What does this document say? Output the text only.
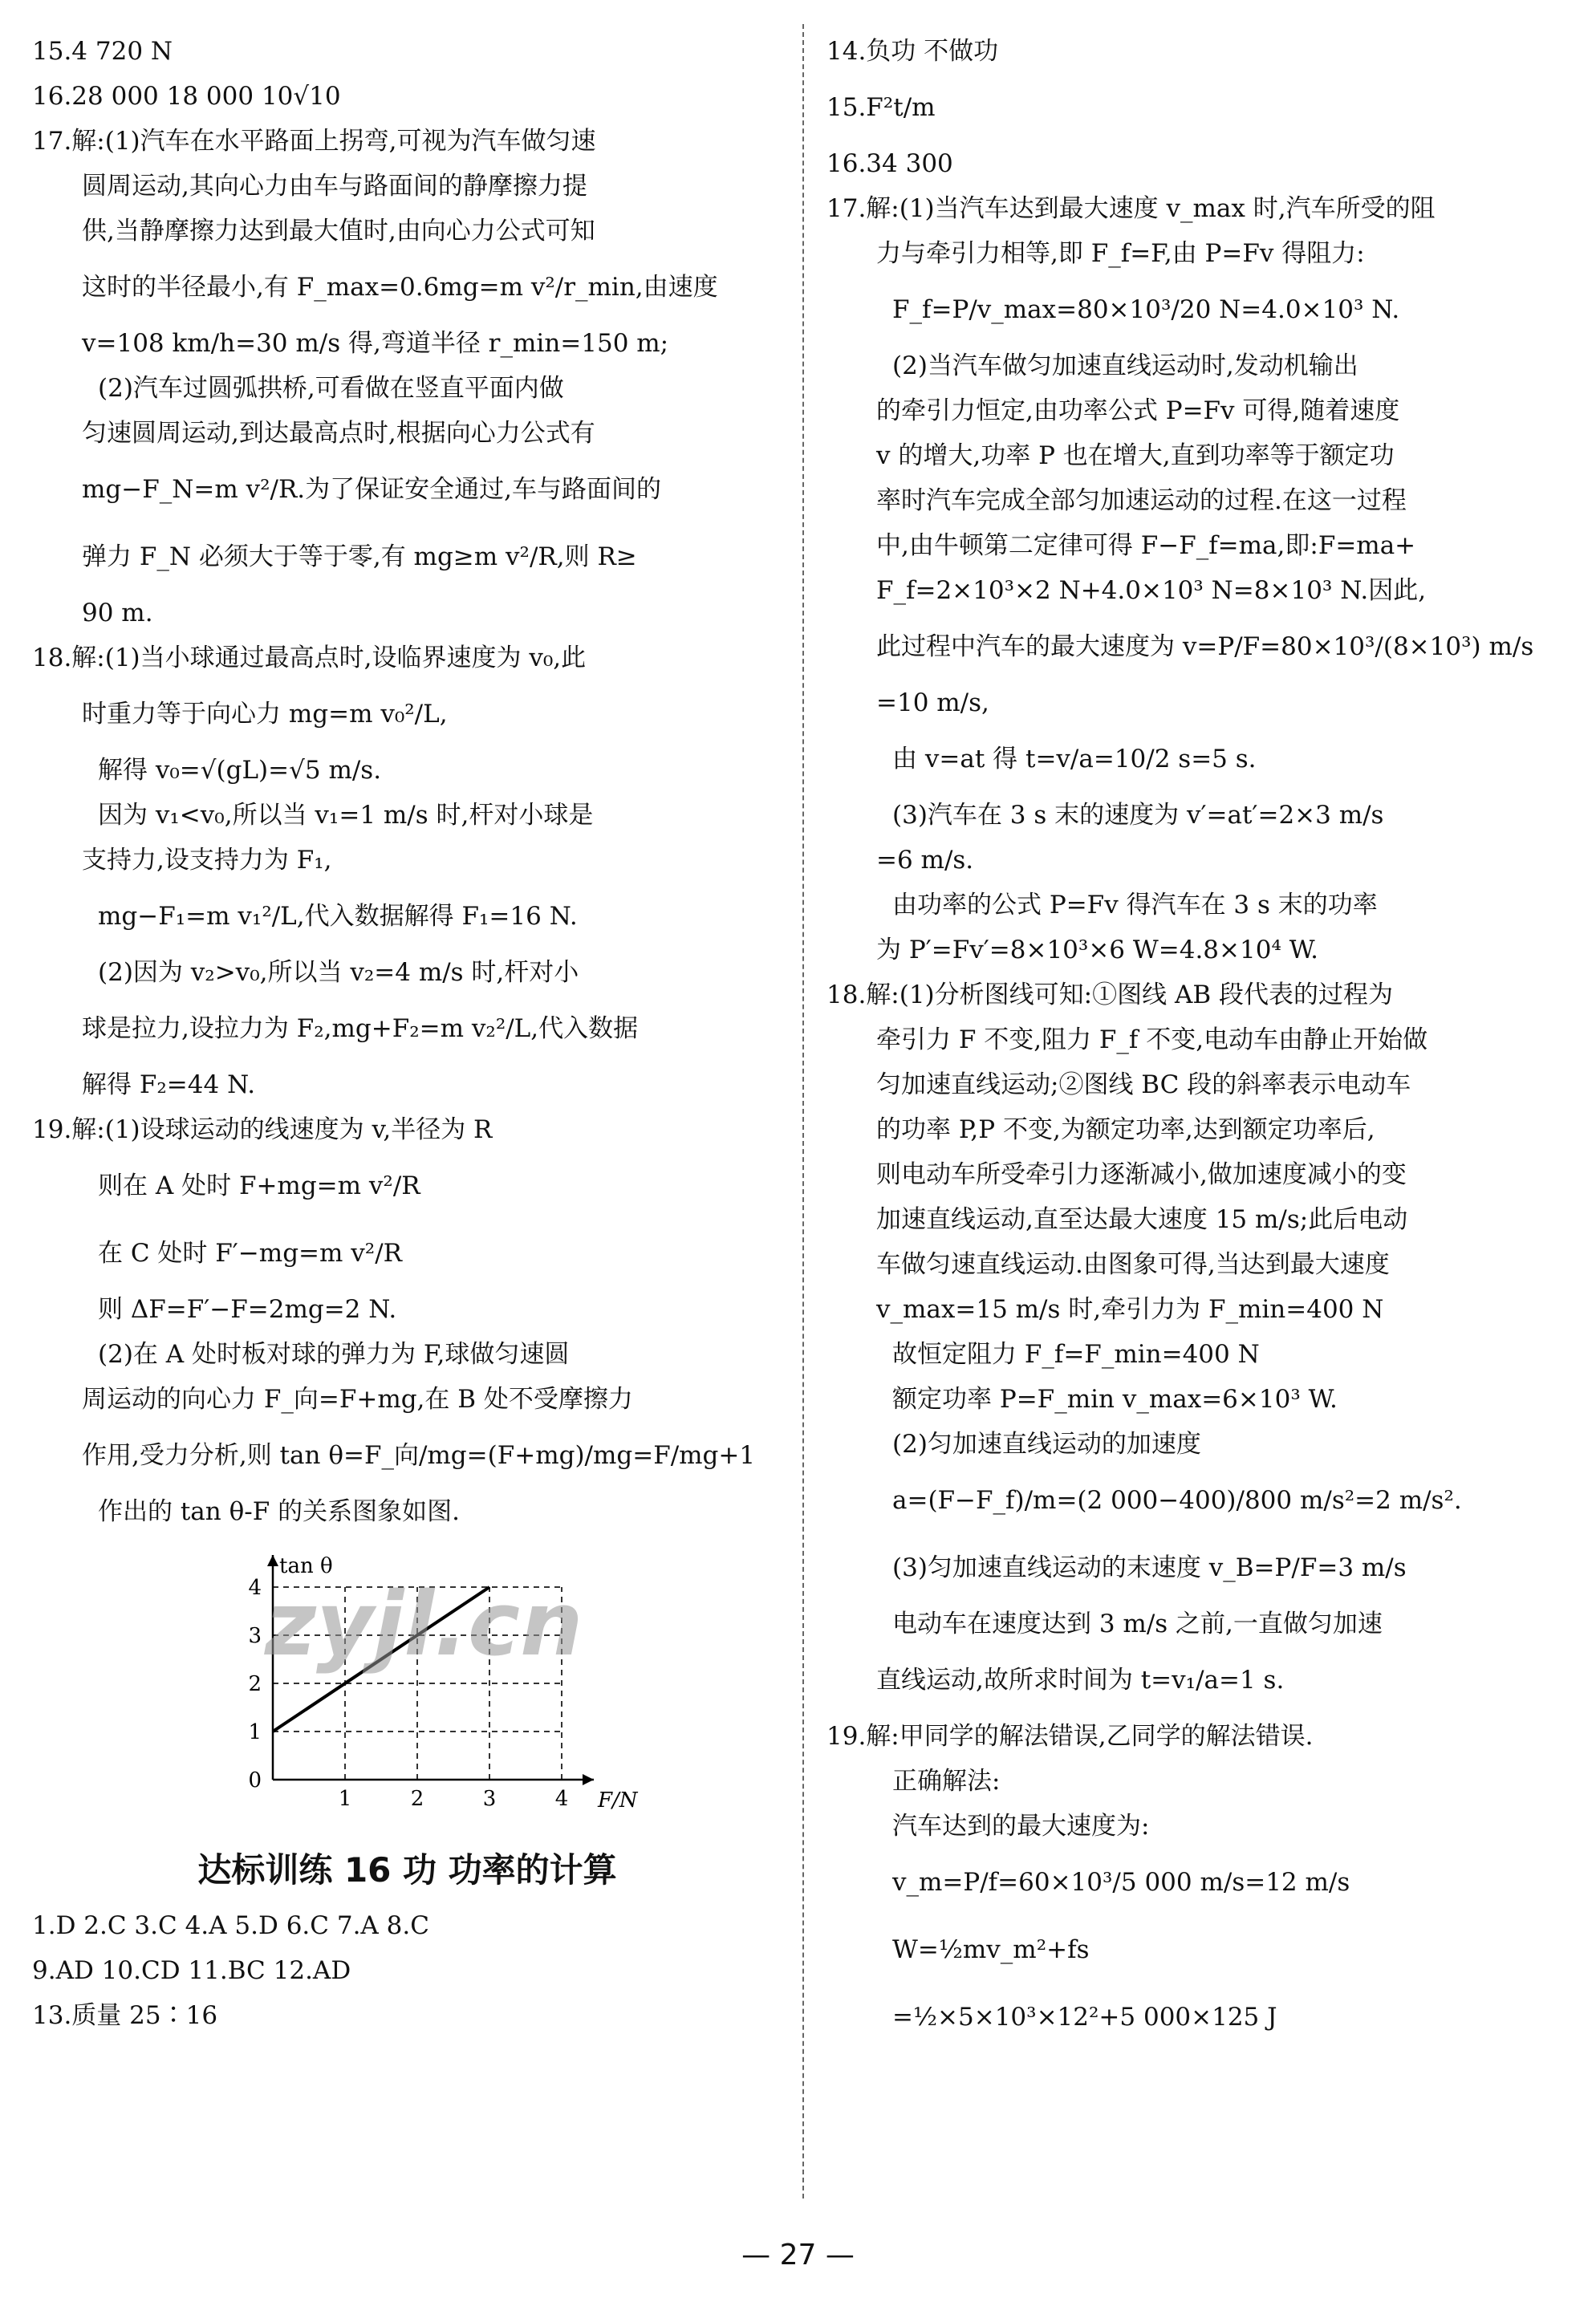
15.4 720 N
16.28 000 18 000 10√10
17.解:(1)汽车在水平路面上拐弯,可视为汽车做匀速
圆周运动,其向心力由车与路面间的静摩擦力提
供,当静摩擦力达到最大值时,由向心力公式可知
这时的半径最小,有 F_max=0.6mg=m v²/r_min,由速度
v=108 km/h=30 m/s 得,弯道半径 r_min=150 m;
(2)汽车过圆弧拱桥,可看做在竖直平面内做
匀速圆周运动,到达最高点时,根据向心力公式有
mg−F_N=m v²/R.为了保证安全通过,车与路面间的
弹力 F_N 必须大于等于零,有 mg≥m v²/R,则 R≥
90 m.
18.解:(1)当小球通过最高点时,设临界速度为 v₀,此
时重力等于向心力 mg=m v₀²/L,
解得 v₀=√(gL)=√5 m/s.
因为 v₁<v₀,所以当 v₁=1 m/s 时,杆对小球是
支持力,设支持力为 F₁,
mg−F₁=m v₁²/L,代入数据解得 F₁=16 N.
(2)因为 v₂>v₀,所以当 v₂=4 m/s 时,杆对小
球是拉力,设拉力为 F₂,mg+F₂=m v₂²/L,代入数据
解得 F₂=44 N.
19.解:(1)设球运动的线速度为 v,半径为 R
则在 A 处时 F+mg=m v²/R
在 C 处时 F′−mg=m v²/R
则 ΔF=F′−F=2mg=2 N.
(2)在 A 处时板对球的弹力为 F,球做匀速圆
周运动的向心力 F_向=F+mg,在 B 处不受摩擦力
作用,受力分析,则 tan θ=F_向/mg=(F+mg)/mg=F/mg+1
作出的 tan θ-F 的关系图象如图.
1	2	3	4
0
1
2
3
4
F/N
tan θ
达标训练 16 功 功率的计算
1.D 2.C 3.C 4.A 5.D 6.C 7.A 8.C
9.AD 10.CD 11.BC 12.AD
13.质量 25∶16
14.负功 不做功
15.F²t/m
16.34 300
17.解:(1)当汽车达到最大速度 v_max 时,汽车所受的阻
力与牵引力相等,即 F_f=F,由 P=Fv 得阻力:
F_f=P/v_max=80×10³/20 N=4.0×10³ N.
(2)当汽车做匀加速直线运动时,发动机输出
的牵引力恒定,由功率公式 P=Fv 可得,随着速度
v 的增大,功率 P 也在增大,直到功率等于额定功
率时汽车完成全部匀加速运动的过程.在这一过程
中,由牛顿第二定律可得 F−F_f=ma,即:F=ma+
F_f=2×10³×2 N+4.0×10³ N=8×10³ N.因此,
此过程中汽车的最大速度为 v=P/F=80×10³/(8×10³) m/s
=10 m/s,
由 v=at 得 t=v/a=10/2 s=5 s.
(3)汽车在 3 s 末的速度为 v′=at′=2×3 m/s
=6 m/s.
由功率的公式 P=Fv 得汽车在 3 s 末的功率
为 P′=Fv′=8×10³×6 W=4.8×10⁴ W.
18.解:(1)分析图线可知:①图线 AB 段代表的过程为
牵引力 F 不变,阻力 F_f 不变,电动车由静止开始做
匀加速直线运动;②图线 BC 段的斜率表示电动车
的功率 P,P 不变,为额定功率,达到额定功率后,
则电动车所受牵引力逐渐减小,做加速度减小的变
加速直线运动,直至达最大速度 15 m/s;此后电动
车做匀速直线运动.由图象可得,当达到最大速度
v_max=15 m/s 时,牵引力为 F_min=400 N
故恒定阻力 F_f=F_min=400 N
额定功率 P=F_min v_max=6×10³ W.
(2)匀加速直线运动的加速度
a=(F−F_f)/m=(2 000−400)/800 m/s²=2 m/s².
(3)匀加速直线运动的末速度 v_B=P/F=3 m/s
电动车在速度达到 3 m/s 之前,一直做匀加速
直线运动,故所求时间为 t=v₁/a=1 s.
19.解:甲同学的解法错误,乙同学的解法错误.
正确解法:
汽车达到的最大速度为:
v_m=P/f=60×10³/5 000 m/s=12 m/s
W=½mv_m²+fs
=½×5×10³×12²+5 000×125 J
zyjl.cn
— 27 —
